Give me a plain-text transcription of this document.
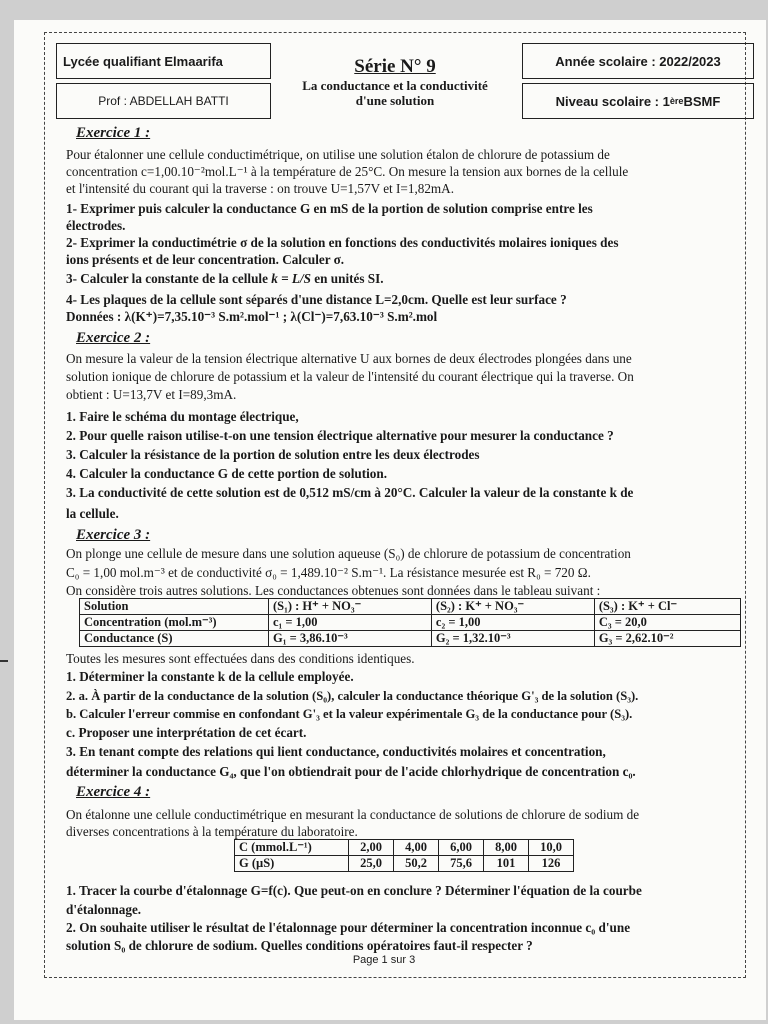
Lycée qualifiant Elmaarifa
Prof : ABDELLAH BATTI
Série N° 9
La conductance et la conductivité
d'une solution
Année scolaire : 2022/2023
Niveau scolaire : 1 ère BSMF
Exercice 1 :
Pour étalonner une cellule conductimétrique, on utilise une solution étalon de chlorure de potassium de
concentration c=1,00.10⁻²mol.L⁻¹ à la température de 25°C. On mesure la tension aux bornes de la cellule
et l'intensité du courant qui la traverse : on trouve U=1,57V et I=1,82mA.
1- Exprimer puis calculer la conductance G en mS de la portion de solution comprise entre les
électrodes.
2- Exprimer la conductimétrie σ de la solution en fonctions des conductivités molaires ioniques des
ions présents et de leur concentration. Calculer σ.
3- Calculer la constante de la cellule k = L/S en unités SI.
4- Les plaques de la cellule sont séparés d'une distance L=2,0cm. Quelle est leur surface ?
Données : λ(K⁺)=7,35.10⁻³ S.m².mol⁻¹ ; λ(Cl⁻)=7,63.10⁻³ S.m².mol
Exercice 2 :
On mesure la valeur de la tension électrique alternative U aux bornes de deux électrodes plongées dans une
solution ionique de chlorure de potassium et la valeur de l'intensité du courant électrique qui la traverse. On
obtient : U=13,7V et I=89,3mA.
1. Faire le schéma du montage électrique,
2. Pour quelle raison utilise-t-on une tension électrique alternative pour mesurer la conductance ?
3. Calculer la résistance de la portion de solution entre les deux électrodes
4. Calculer la conductance G de cette portion de solution.
3. La conductivité de cette solution est de 0,512 mS/cm à 20°C. Calculer la valeur de la constante k de
la cellule.
Exercice 3 :
On plonge une cellule de mesure dans une solution aqueuse (S₀) de chlorure de potassium de concentration
C₀ = 1,00 mol.m⁻³ et de conductivité σ₀ = 1,489.10⁻² S.m⁻¹. La résistance mesurée est R₀ = 720 Ω.
On considère trois autres solutions. Les conductances obtenues sont données dans le tableau suivant :
Solution	(S₁) : H⁺ + NO₃⁻	(S₂) : K⁺ + NO₃⁻	(S₃) : K⁺ + Cl⁻
Concentration (mol.m⁻³)	c₁ = 1,00	c₂ = 1,00	C₃ = 20,0
Conductance (S)	G₁ = 3,86.10⁻³	G₂ = 1,32.10⁻³	G₃ = 2,62.10⁻²
Toutes les mesures sont effectuées dans des conditions identiques.
1. Déterminer la constante k de la cellule employée.
2. a. À partir de la conductance de la solution (S₀), calculer la conductance théorique G'₃ de la solution (S₃).
b. Calculer l'erreur commise en confondant G'₃ et la valeur expérimentale G₃ de la conductance pour (S₃).
c. Proposer une interprétation de cet écart.
3. En tenant compte des relations qui lient conductance, conductivités molaires et concentration,
déterminer la conductance G₄, que l'on obtiendrait pour de l'acide chlorhydrique de concentration c₀.
Exercice 4 :
On étalonne une cellule conductimétrique en mesurant la conductance de solutions de chlorure de sodium de
diverses concentrations à la température du laboratoire.
C (mmol.L⁻¹)	2,00	4,00	6,00	8,00	10,0
G (µS)	25,0	50,2	75,6	101	126
1. Tracer la courbe d'étalonnage G=f(c). Que peut-on en conclure ? Déterminer l'équation de la courbe
d'étalonnage.
2. On souhaite utiliser le résultat de l'étalonnage pour déterminer la concentration inconnue c₀ d'une
solution S₀ de chlorure de sodium. Quelles conditions opératoires faut-il respecter ?
Page 1 sur 3
